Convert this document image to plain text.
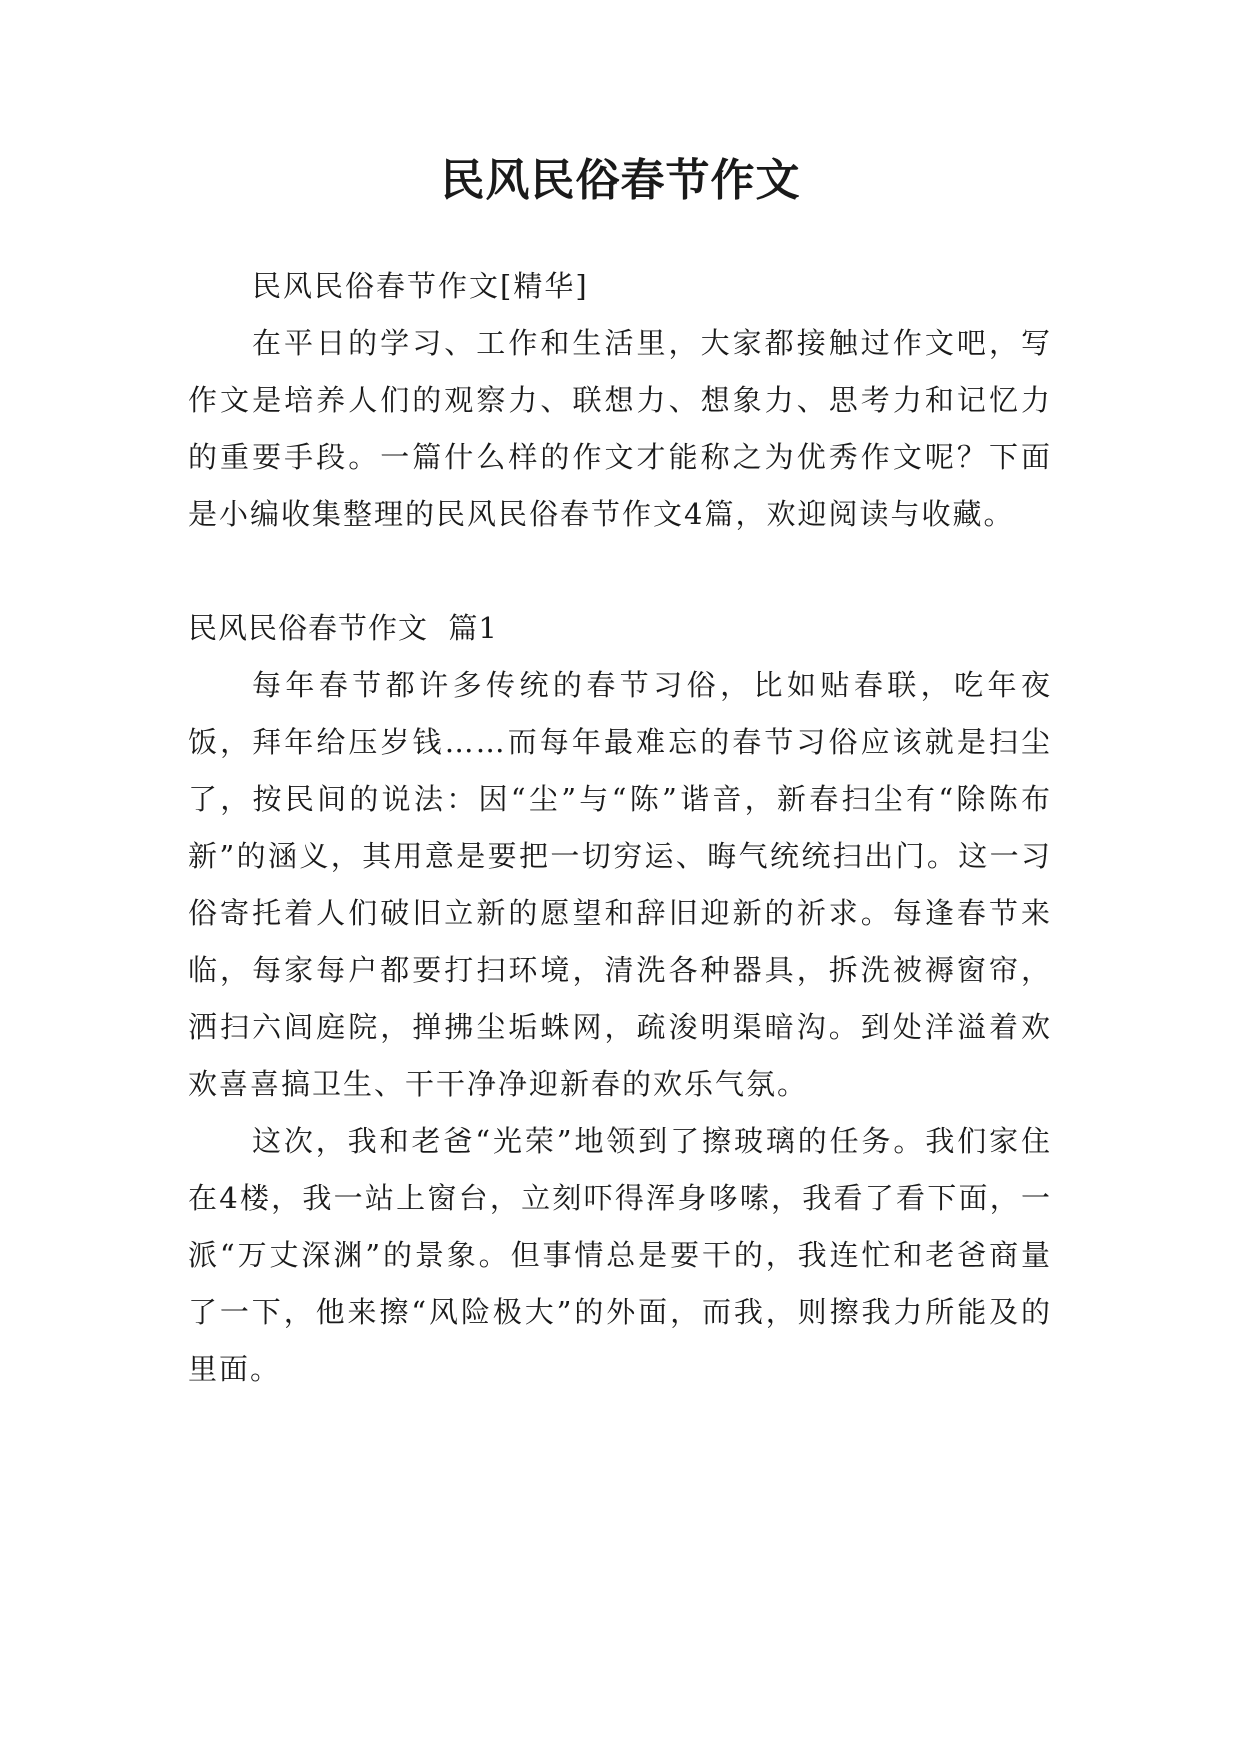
民风民俗春节作文

民风民俗春节作文[精华]

在平日的学习、工作和生活里，大家都接触过作文吧，写作文是培养人们的观察力、联想力、想象力、思考力和记忆力的重要手段。一篇什么样的作文才能称之为优秀作文呢？下面是小编收集整理的民风民俗春节作文4篇，欢迎阅读与收藏。

民风民俗春节作文  篇1

每年春节都许多传统的春节习俗，比如贴春联，吃年夜饭，拜年给压岁钱……而每年最难忘的春节习俗应该就是扫尘了，按民间的说法：因“尘”与“陈”谐音，新春扫尘有“除陈布新”的涵义，其用意是要把一切穷运、晦气统统扫出门。这一习俗寄托着人们破旧立新的愿望和辞旧迎新的祈求。每逢春节来临，每家每户都要打扫环境，清洗各种器具，拆洗被褥窗帘，洒扫六闾庭院，掸拂尘垢蛛网，疏浚明渠暗沟。到处洋溢着欢欢喜喜搞卫生、干干净净迎新春的欢乐气氛。

这次，我和老爸“光荣”地领到了擦玻璃的任务。我们家住在4楼，我一站上窗台，立刻吓得浑身哆嗦，我看了看下面，一派“万丈深渊”的景象。但事情总是要干的，我连忙和老爸商量了一下，他来擦“风险极大”的外面，而我，则擦我力所能及的里面。
